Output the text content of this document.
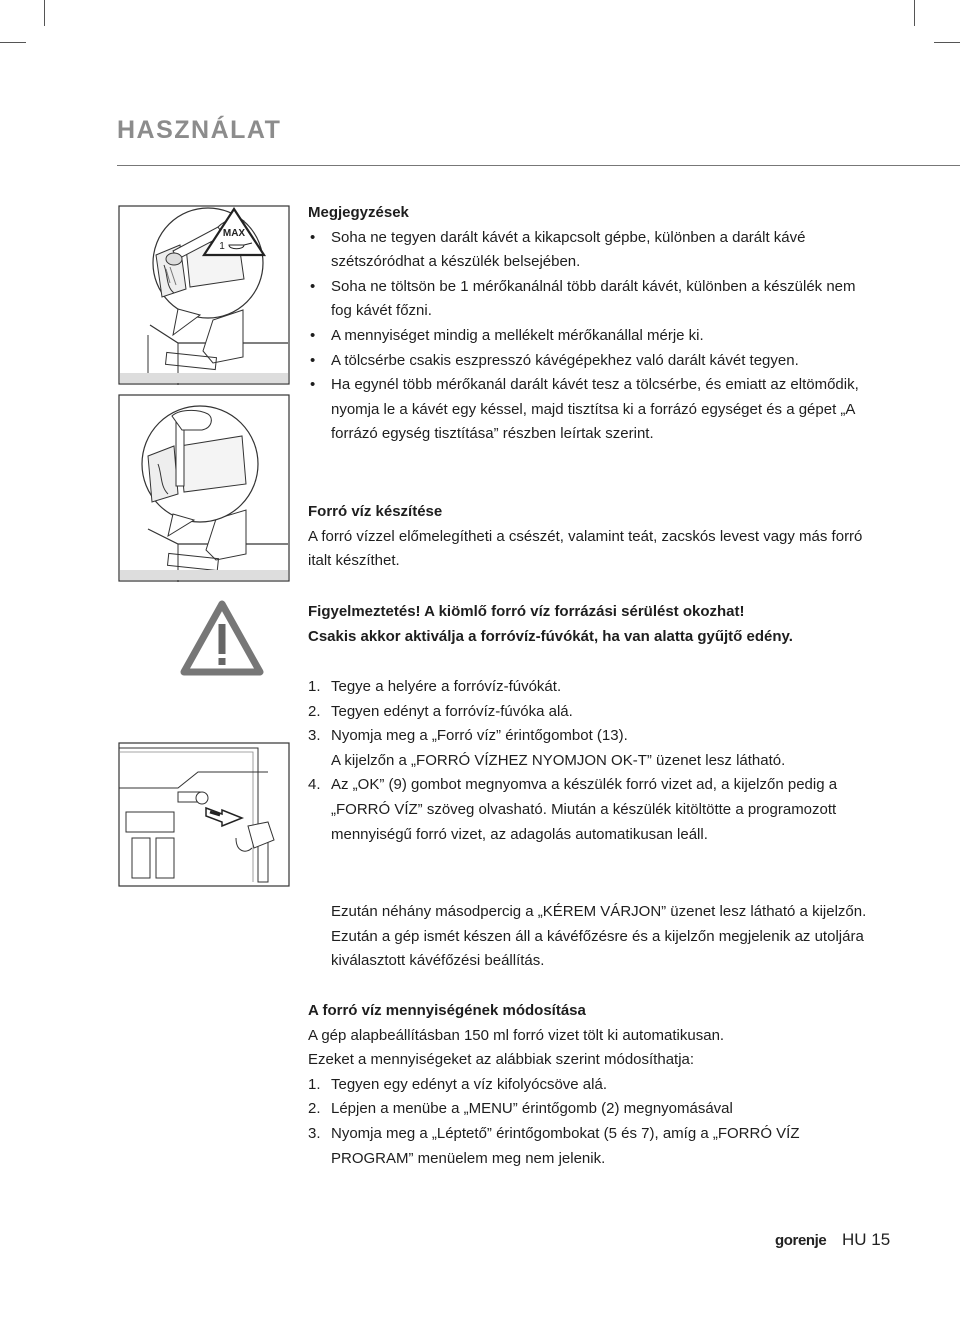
HASZNÁLAT
MAX
1

Megjegyzések

• Soha ne tegyen darált kávét a kikapcsolt gépbe, különben a darált kávé szétszóródhat a készülék belsejében.

• Soha ne töltsön be 1 mérőkanálnál több darált kávét, különben a készülék nem fog kávét főzni.

• A mennyiséget mindig a mellékelt mérőkanállal mérje ki.

• A tölcsérbe csakis eszpresszó kávégépekhez való darált kávét tegyen.

• Ha egynél több mérőkanál darált kávét tesz a tölcsérbe, és emiatt az eltömődik, nyomja le a kávét egy késsel, majd tisztítsa ki a forrázó egységet és a gépet „A forrázó egység tisztítása” részben leírtak szerint.

Forró víz készítése

A forró vízzel előmelegítheti a csészét, valamint teát, zacskós levest vagy más forró italt készíthet.

Figyelmeztetés! A kiömlő forró víz forrázási sérülést okozhat!

Csakis akkor aktiválja a forróvíz-fúvókát, ha van alatta gyűjtő edény.

1. Tegye a helyére a forróvíz-fúvókát.

2. Tegyen edényt a forróvíz-fúvóka alá.

3. Nyomja meg a „Forró víz” érintőgombot (13).

A kijelzőn a „FORRÓ VÍZHEZ NYOMJON OK-T” üzenet lesz látható.

4. Az „OK” (9) gombot megnyomva a készülék forró vizet ad, a kijelzőn pedig a „FORRÓ VÍZ” szöveg olvasható. Miután a készülék kitöltötte a programozott mennyiségű forró vizet, az adagolás automatikusan leáll.

Ezután néhány másodpercig a „KÉREM VÁRJON” üzenet lesz látható a kijelzőn. Ezután a gép ismét készen áll a kávéfőzésre és a kijelzőn megjelenik az utoljára kiválasztott kávéfőzési beállítás.

A forró víz mennyiségének módosítása

A gép alapbeállításban 150 ml forró vizet tölt ki automatikusan.

Ezeket a mennyiségeket az alábbiak szerint módosíthatja:

1. Tegyen egy edényt a víz kifolyócsöve alá.

2. Lépjen a menübe a „MENU” érintőgomb (2) megnyomásával

3. Nyomja meg a „Léptető” érintőgombokat (5 és 7), amíg a „FORRÓ VÍZ PROGRAM” menüelem meg nem jelenik.

gorenje HU 15
